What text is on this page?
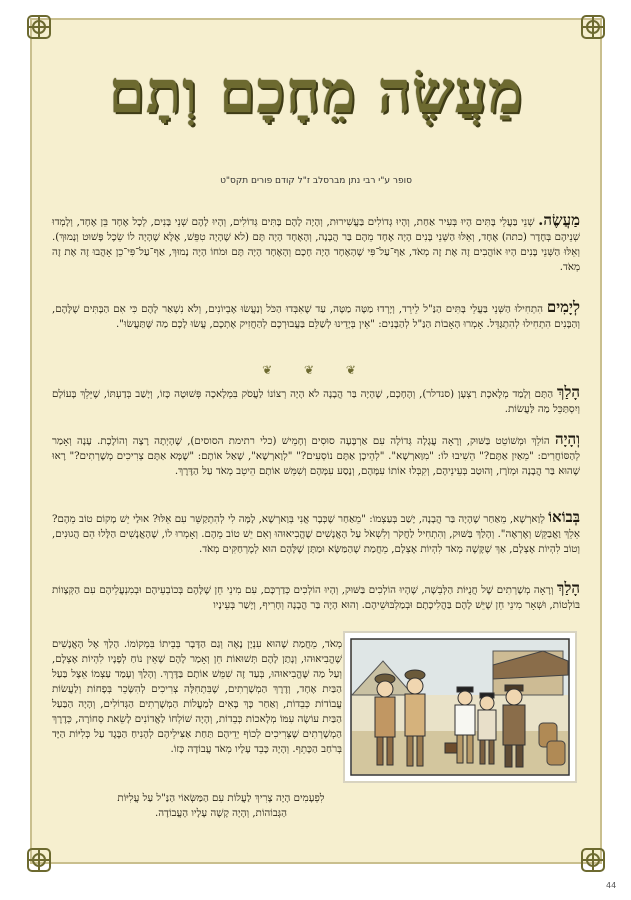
מַעֲשֶׂה מֵחָכָם וְתָם
סופר ע"י רבי נתן מברסלב ז"ל קודם פורים תקס"ט
מַעֲשֶׂה. שְׁנֵי בַּעֲלֵי בָּתִּים הָיוּ בְּעִיר אַחַת, וְהָיוּ גְּדוֹלִים בַּעֲשִׁירוּת, וְהָיָה לָהֶם בָּתִּים גְּדוֹלִים, וְהָיוּ לָהֶם שְׁנֵי בָּנִים, לְכָל אֶחָד בֵּן אֶחָד, וְלָמְדוּ שְׁנֵיהֶם בְּחֶדֶר (כתה) אֶחָד, וְאֵלּוּ הַשְּׁנֵי בָּנִים הָיָה אֶחָד מֵהֶם בַּר הֲבָנָה, וְהָאֶחָד הָיָה תָּם (לא שֶׁהָיָה טִפֵּשׁ, אֶלָּא שֶׁהָיָה לוֹ שֵׂכֶל פָּשׁוּט וְנָמוּךְ). וְאֵלּוּ הַשְּׁנֵי בָּנִים הָיוּ אוֹהֲבִים זֶה אֶת זֶה מְאֹד, אַף־עַל־פִּי שֶׁהָאֶחָד הָיָה חָכָם וְהָאֶחָד הָיָה תָּם וּמֹחוֹ הָיָה נָמוּךְ, אַף־עַל־פִּי־כֵן אָהֲבוּ זֶה אֶת זֶה מְאֹד.
לְיָמִים הִתְחִילוּ הַשְּׁנֵי בַּעֲלֵי בָּתִּים הַנַּ"ל לֵירֵד, וְיָרְדוּ מַטָּה מַטָּה, עַד שֶׁאִבְּדוּ הַכֹּל וְנַעֲשׂוּ אֶבְיוֹנִים, וְלֹא נִשְׁאַר לָהֶם כִּי אִם הַבָּתִּים שֶׁלָּהֶם, וְהַבָּנִים הִתְחִילוּ לְהִתְגַּדֵּל. אָמְרוּ הָאָבוֹת הַנַּ"ל לְהַבָּנִים: "אֵין בְּיָדֵינוּ לְשַׁלֵּם בַּעֲבוּרְכֶם לְהַחֲזִיק אֶתְכֶם, עֲשׂוּ לָכֶם מַה שֶּׁתַּעֲשׂוּ".
❦ ❦ ❦
הָלַךְ הַתָּם וְלָמַד מְלֶאכֶת רַצְעָן (סנדלר), וְהֶחָכָם, שֶׁהָיָה בַּר הֲבָנָה לֹא הָיָה רְצוֹנוֹ לַעֲסֹק בִּמְלָאכָה פְּשׁוּטָה כָּזוֹ, וְיָשַׁב בְּדַעְתּוֹ, שֶׁיֵּלֵךְ בָּעוֹלָם וְיִסְתַּכֵּל מַה לַּעֲשׂוֹת.
וְהָיָה הוֹלֵךְ וּמְשׁוֹטֵט בַּשּׁוּק, וְרָאָה עֲגָלָה גְּדוֹלָה עִם אַרְבָּעָה סוּסִים וְחָמֵישׁ (כלי רתימת הסוסים), שֶׁהָיְתָה רָצָה וְהוֹלֶכֶת. עָנָה וְאָמַר לְהַסּוֹחֲרִים: "מֵאַיִן אַתֶּם?" הֵשִׁיבוּ לוֹ: "מִוַּארְשָׁא". "לְהֵיכָן אַתֶּם נוֹסְעִים?" "לְוַארְשָׁא", שָׁאַל אוֹתָם: "שֶׁמָּא אַתֶּם צְרִיכִים מְשָׁרְתִים?" רָאוּ שֶׁהוּא בַּר הֲבָנָה וּמְזֹרָז, וְהוּטַב בְּעֵינֵיהֶם, וְקִבְּלוּ אוֹתוֹ עִמָּהֶם, וְנָסַע עִמָּהֶם וְשִׁמֵּשׁ אוֹתָם הֵיטֵב מְאֹד עַל הַדֶּרֶךְ.
בְּבוֹאוֹ לְוַארְשָׁא, מֵאַחַר שֶׁהָיָה בַּר הֲבָנָה, יָשַׁב בְּעַצְמוֹ: "מֵאַחַר שֶׁכְּבָר אֲנִי בְּוַארְשָׁא, לָמָּה לִי לְהִתְקַשֵּׁר עִם אֵלּוּ? אוּלַי יֵשׁ מָקוֹם טוֹב מֵהֶם? אֵלֵךְ וַאֲבַקֵּשׁ וְאֶרְאֶה". וְהָלַךְ בַּשּׁוּק, וְהִתְחִיל לַחֲקֹר וְלִשְׁאֹל עַל הָאֲנָשִׁים שֶׁהֱבִיאוּהוּ וְאִם יֵשׁ טוֹב מֵהֶם. וְאָמְרוּ לוֹ, שֶׁהָאֲנָשִׁים הַלָּלוּ הֵם הֲגוּנִים, וְטוֹב לִהְיוֹת אֶצְלָם, אַךְ שֶׁקָּשֶׁה מְאֹד לִהְיוֹת אֶצְלָם, מֵחֲמַת שֶׁהַמַּשָּׂא וּמַתָּן שֶׁלָּהֶם הוּא לְמֶרְחַקִּים מְאֹד.
הָלַךְ וְרָאָה מְשָׁרְתִים שֶׁל חֲנֻיּוֹת הַלְּבֵשָׁה, שֶׁהָיוּ הוֹלְכִים בַּשּׁוּק, וְהָיוּ הוֹלְכִים כְּדַרְכָּם, עִם מִינֵי חֵן שֶׁלָּהֶם בְּכוֹבְעֵיהֶם וּבְמִנְעֲלֵיהֶם עִם הַקְּצָווֹת בּוֹלְטוֹת, וּשְׁאָר מִינֵי חֵן שֶׁיֵּשׁ לָהֶם בַּהֲלִיכָתָם וּבְמַלְבּוּשֵׁיהֶם. וְהוּא הָיָה בַּר הֲבָנָה וְחָרִיף, וְיָשַׁר בְּעֵינָיו
מְאֹד, מֵחֲמַת שֶׁהוּא עִנְיָן נָאֶה וְגַם הַדָּבָר בְּבֵיתוֹ בִּמְקוֹמוֹ. הָלַךְ אֶל הָאֲנָשִׁים שֶׁהֱבִיאוּהוּ, וְנָתַן לָהֶם תְּשׁוּאוֹת חֵן וְאָמַר לָהֶם שֶׁאֵין נוֹחַ לְפָנָיו לִהְיוֹת אֶצְלָם, וְעַל מַה שֶּׁהֱבִיאוּהוּ, בְּעַד זֶה שִׁמֵּשׁ אוֹתָם בַּדֶּרֶךְ. וְהָלַךְ וְעָמַד עַצְמוֹ אֵצֶל בַּעַל הַבַּיִת אֶחָד, וְדֶרֶךְ הַמְשָׁרְתִים, שֶׁבִּתְחִלָּה צְרִיכִים לְהִשָּׂכֵר בְּפָחוֹת וְלַעֲשׂוֹת עֲבוֹדוֹת כְּבֵדוֹת, וְאַחַר כָּךְ בָּאִים לְמַעֲלוֹת הַמְשָׁרְתִים הַגְּדוֹלִים, וְהָיָה הַבַּעַל הַבַּיִת עוֹשֶׂה עִמּוֹ מְלָאכוֹת כְּבֵדוֹת, וְהָיָה שׁוֹלְחוֹ לַאֲדוֹנִים לָשֵׂאת סְחוֹרָה, כְּדֶרֶךְ הַמְשָׁרְתִים שֶׁצְּרִיכִים לְכוֹף יְדֵיהֶם תַּחַת אַצִּילֵיהֶם לְהָנִיחַ הַבֶּגֶד עַל כְּלִיּוֹת הַיָּד בְּרֹחַב הַכָּתֵף. וְהָיָה כָּבֵד עָלָיו מְאֹד עֲבוֹדָה כָּזוֹ.
לִפְעָמִים הָיָה צָרִיךְ לַעֲלוֹת עִם הַמַּשְּׂאוֹי הַנַּ"ל עַל עֲלִיּוֹת הַגְּבוֹהוֹת, וְהָיָה קָשֶׁה עָלָיו הָעֲבוֹדָה.
44
